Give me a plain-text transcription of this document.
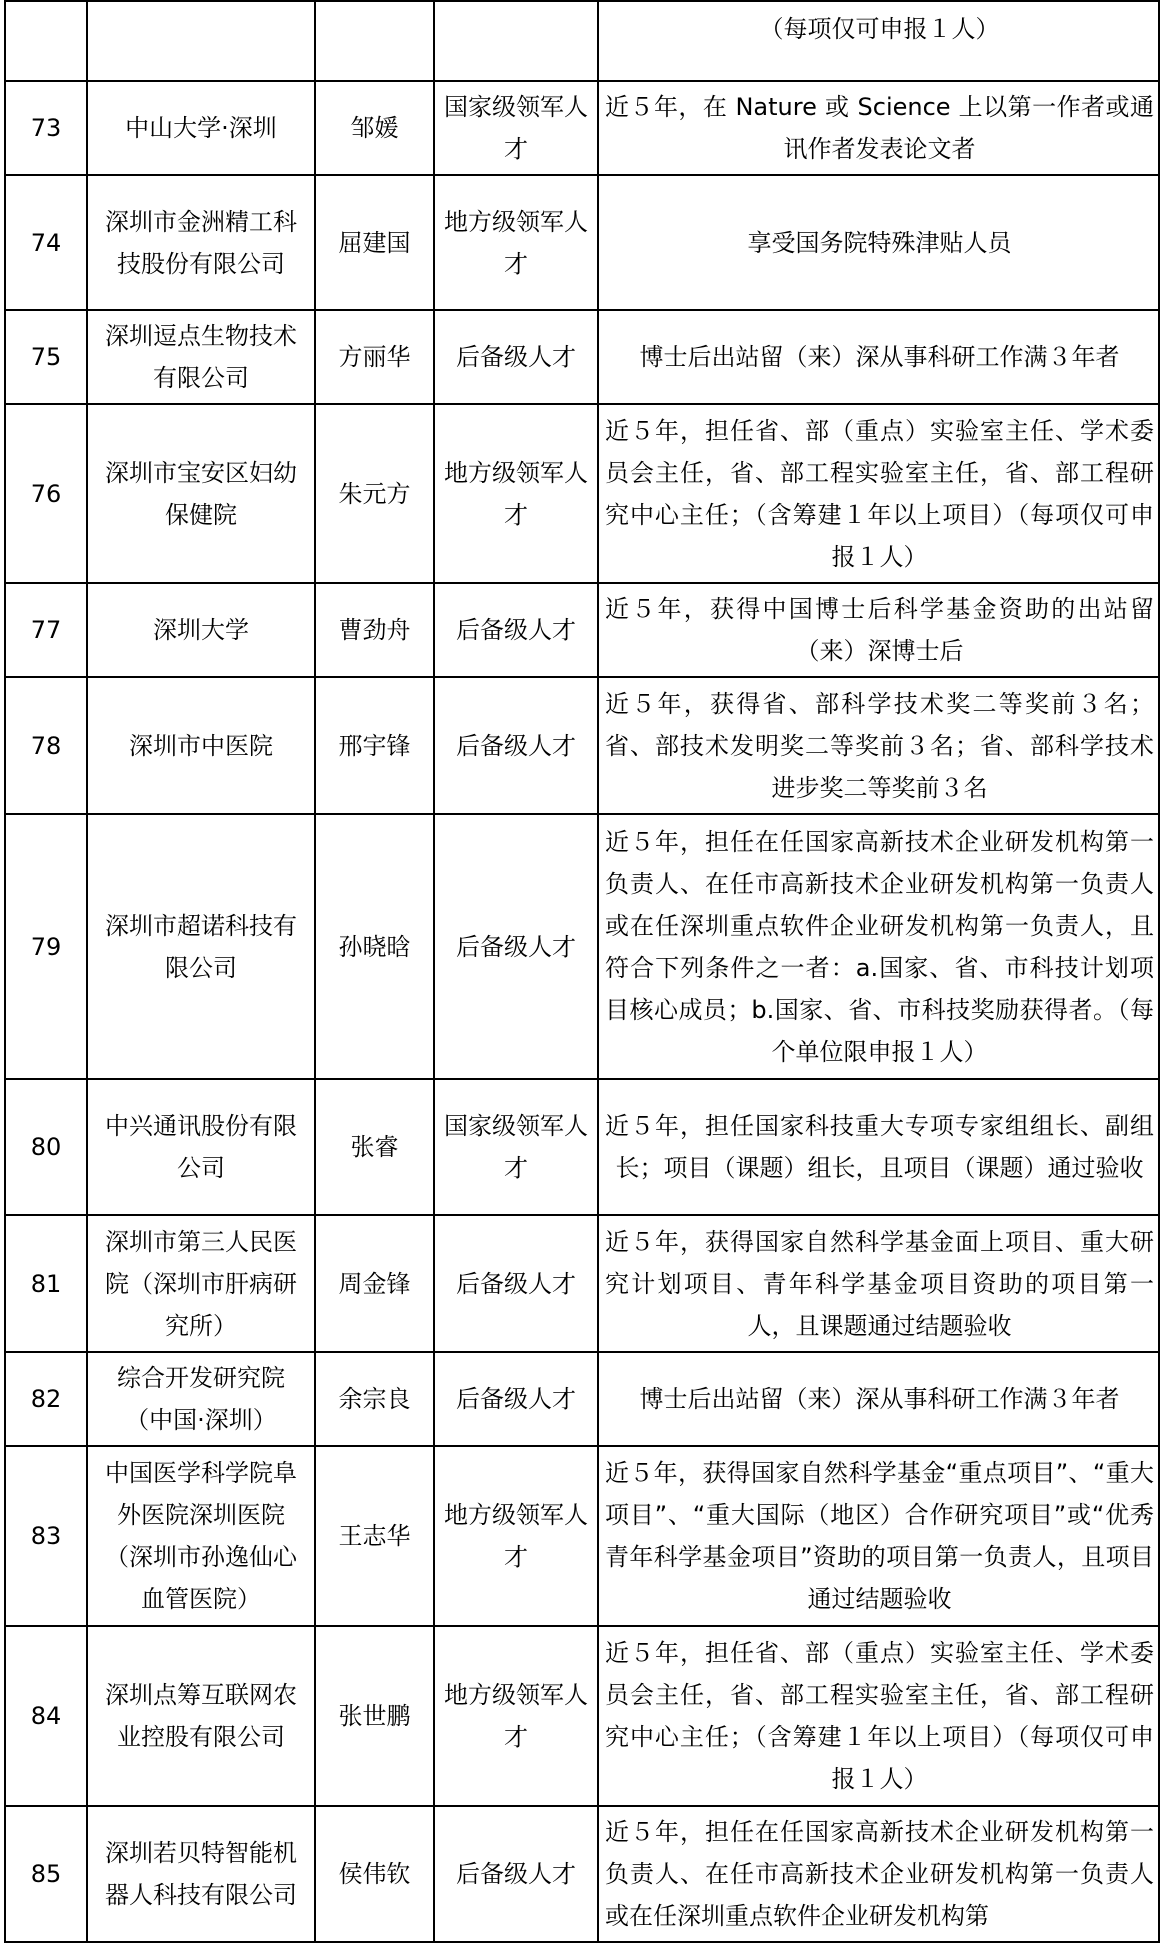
				（每项仅可申报１人）
73	中山大学·深圳	邹媛	国家级领军人才	近５年，在 Nature 或 Science 上以第一作者或通讯作者发表论文者
74	深圳市金洲精工科技股份有限公司	屈建国	地方级领军人才	享受国务院特殊津贴人员
75	深圳逗点生物技术有限公司	方丽华	后备级人才	博士后出站留（来）深从事科研工作满３年者
76	深圳市宝安区妇幼保健院	朱元方	地方级领军人才	近５年，担任省、部（重点）实验室主任、学术委员会主任，省、部工程实验室主任，省、部工程研究中心主任；（含筹建１年以上项目）（每项仅可申报１人）
77	深圳大学	曹劲舟	后备级人才	近５年，获得中国博士后科学基金资助的出站留（来）深博士后
78	深圳市中医院	邢宇锋	后备级人才	近５年，获得省、部科学技术奖二等奖前３名；省、部技术发明奖二等奖前３名；省、部科学技术进步奖二等奖前３名
79	深圳市超诺科技有限公司	孙晓晗	后备级人才	近５年，担任在任国家高新技术企业研发机构第一负责人、在任市高新技术企业研发机构第一负责人或在任深圳重点软件企业研发机构第一负责人，且符合下列条件之一者：a.国家、省、市科技计划项目核心成员；b.国家、省、市科技奖励获得者。（每个单位限申报１人）
80	中兴通讯股份有限公司	张睿	国家级领军人才	近５年，担任国家科技重大专项专家组组长、副组长；项目（课题）组长，且项目（课题）通过验收
81	深圳市第三人民医院（深圳市肝病研究所）	周金锋	后备级人才	近５年，获得国家自然科学基金面上项目、重大研究计划项目、青年科学基金项目资助的项目第一人，且课题通过结题验收
82	综合开发研究院（中国·深圳）	余宗良	后备级人才	博士后出站留（来）深从事科研工作满３年者
83	中国医学科学院阜外医院深圳医院（深圳市孙逸仙心血管医院）	王志华	地方级领军人才	近５年，获得国家自然科学基金“重点项目”、“重大项目”、“重大国际（地区）合作研究项目”或“优秀青年科学基金项目”资助的项目第一负责人，且项目通过结题验收
84	深圳点筹互联网农业控股有限公司	张世鹏	地方级领军人才	近５年，担任省、部（重点）实验室主任、学术委员会主任，省、部工程实验室主任，省、部工程研究中心主任；（含筹建１年以上项目）（每项仅可申报１人）
85	深圳若贝特智能机器人科技有限公司	侯伟钦	后备级人才	近５年，担任在任国家高新技术企业研发机构第一负责人、在任市高新技术企业研发机构第一负责人或在任深圳重点软件企业研发机构第
